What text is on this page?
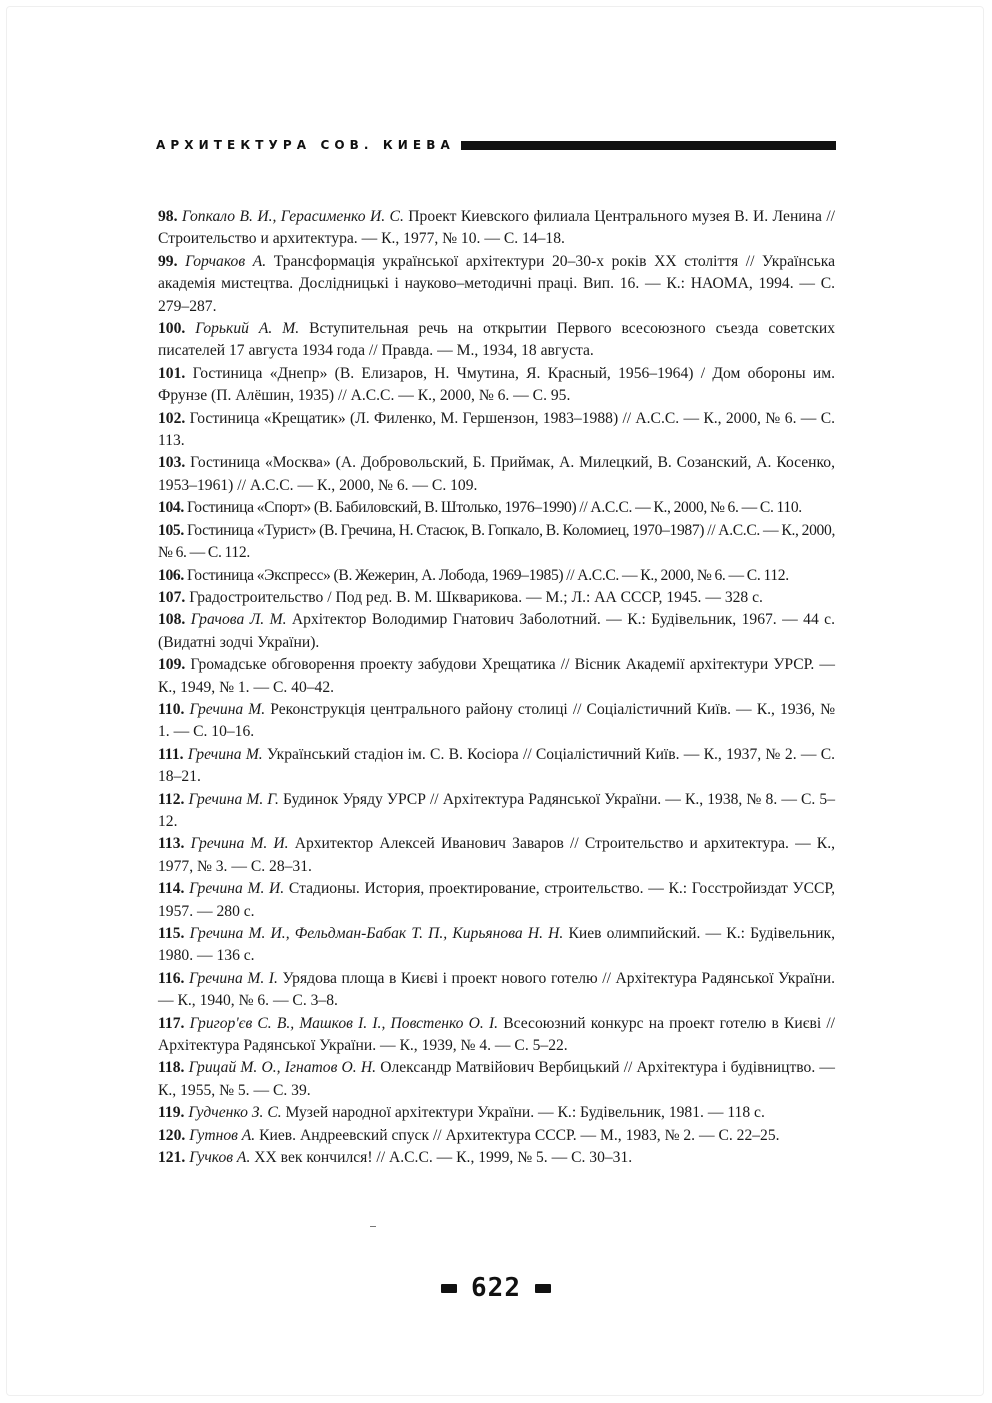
АРХИТЕКТУРА СОВ. КИЕВА

98. Гопкало В. И., Герасименко И. С. Проект Киевского филиала Центрального музея В. И. Ленина // Строительство и архитектура. — К., 1977, № 10. — С. 14–18.

99. Горчаков А. Трансформація української архітектури 20–30-х років ХХ століття // Українська академія мистецтва. Дослідницькі і науково–методичні праці. Вип. 16. — К.: НАОМА, 1994. — С. 279–287.

100. Горький А. М. Вступительная речь на открытии Первого всесоюзного съезда советских писателей 17 августа 1934 года // Правда. — М., 1934, 18 августа.

101. Гостиница «Днепр» (В. Елизаров, Н. Чмутина, Я. Красный, 1956–1964) / Дом обороны им. Фрунзе (П. Алёшин, 1935) // А.С.С. — К., 2000, № 6. — С. 95.

102. Гостиница «Крещатик» (Л. Филенко, М. Гершензон, 1983–1988) // А.С.С. — К., 2000, № 6. — С. 113.

103. Гостиница «Москва» (А. Добровольский, Б. Приймак, А. Милецкий, В. Созанский, А. Косенко, 1953–1961) // А.С.С. — К., 2000, № 6. — С. 109.

104. Гостиница «Спорт» (В. Бабиловский, В. Штолько, 1976–1990) // А.С.С. — К., 2000, № 6. — С. 110.

105. Гостиница «Турист» (В. Гречина, Н. Стасюк, В. Гопкало, В. Коломиец, 1970–1987) // А.С.С. — К., 2000, № 6. — С. 112.

106. Гостиница «Экспресс» (В. Жежерин, А. Лобода, 1969–1985) // А.С.С. — К., 2000, № 6. — С. 112.

107. Градостроительство / Под ред. В. М. Шкварикова. — М.; Л.: АА СССР, 1945. — 328 с.

108. Грачова Л. М. Архітектор Володимир Гнатович Заболотний. — К.: Будівельник, 1967. — 44 с. (Видатні зодчі України).

109. Громадське обговорення проекту забудови Хрещатика // Вісник Академії архітектури УРСР. — К., 1949, № 1. — С. 40–42.

110. Гречина М. Реконструкція центрального району столиці // Соціалістичний Київ. — К., 1936, № 1. — С. 10–16.

111. Гречина М. Український стадіон ім. С. В. Косіора // Соціалістичний Київ. — К., 1937, № 2. — С. 18–21.

112. Гречина М. Г. Будинок Уряду УРСР // Архітектура Радянської України. — К., 1938, № 8. — С. 5–12.

113. Гречина М. И. Архитектор Алексей Иванович Заваров // Строительство и архитектура. — К., 1977, № 3. — С. 28–31.

114. Гречина М. И. Стадионы. История, проектирование, строительство. — К.: Госстройиздат УССР, 1957. — 280 с.

115. Гречина М. И., Фельдман-Бабак Т. П., Кирьянова Н. Н. Киев олимпийский. — К.: Будівельник, 1980. — 136 с.

116. Гречина М. І. Урядова площа в Києві і проект нового готелю // Архітектура Радянської України. — К., 1940, № 6. — С. 3–8.

117. Григор'єв С. В., Машков І. І., Повстенко О. І. Всесоюзний конкурс на проект готелю в Києві // Архітектура Радянської України. — К., 1939, № 4. — С. 5–22.

118. Грицай М. О., Ігнатов О. Н. Олександр Матвійович Вербицький // Архітектура і будівництво. — К., 1955, № 5. — С. 39.

119. Гудченко З. С. Музей народної архітектури України. — К.: Будівельник, 1981. — 118 с.

120. Гутнов А. Киев. Андреевский спуск // Архитектура СССР. — М., 1983, № 2. — С. 22–25.

121. Гучков А. XX век кончился! // А.С.С. — К., 1999, № 5. — С. 30–31.

622
